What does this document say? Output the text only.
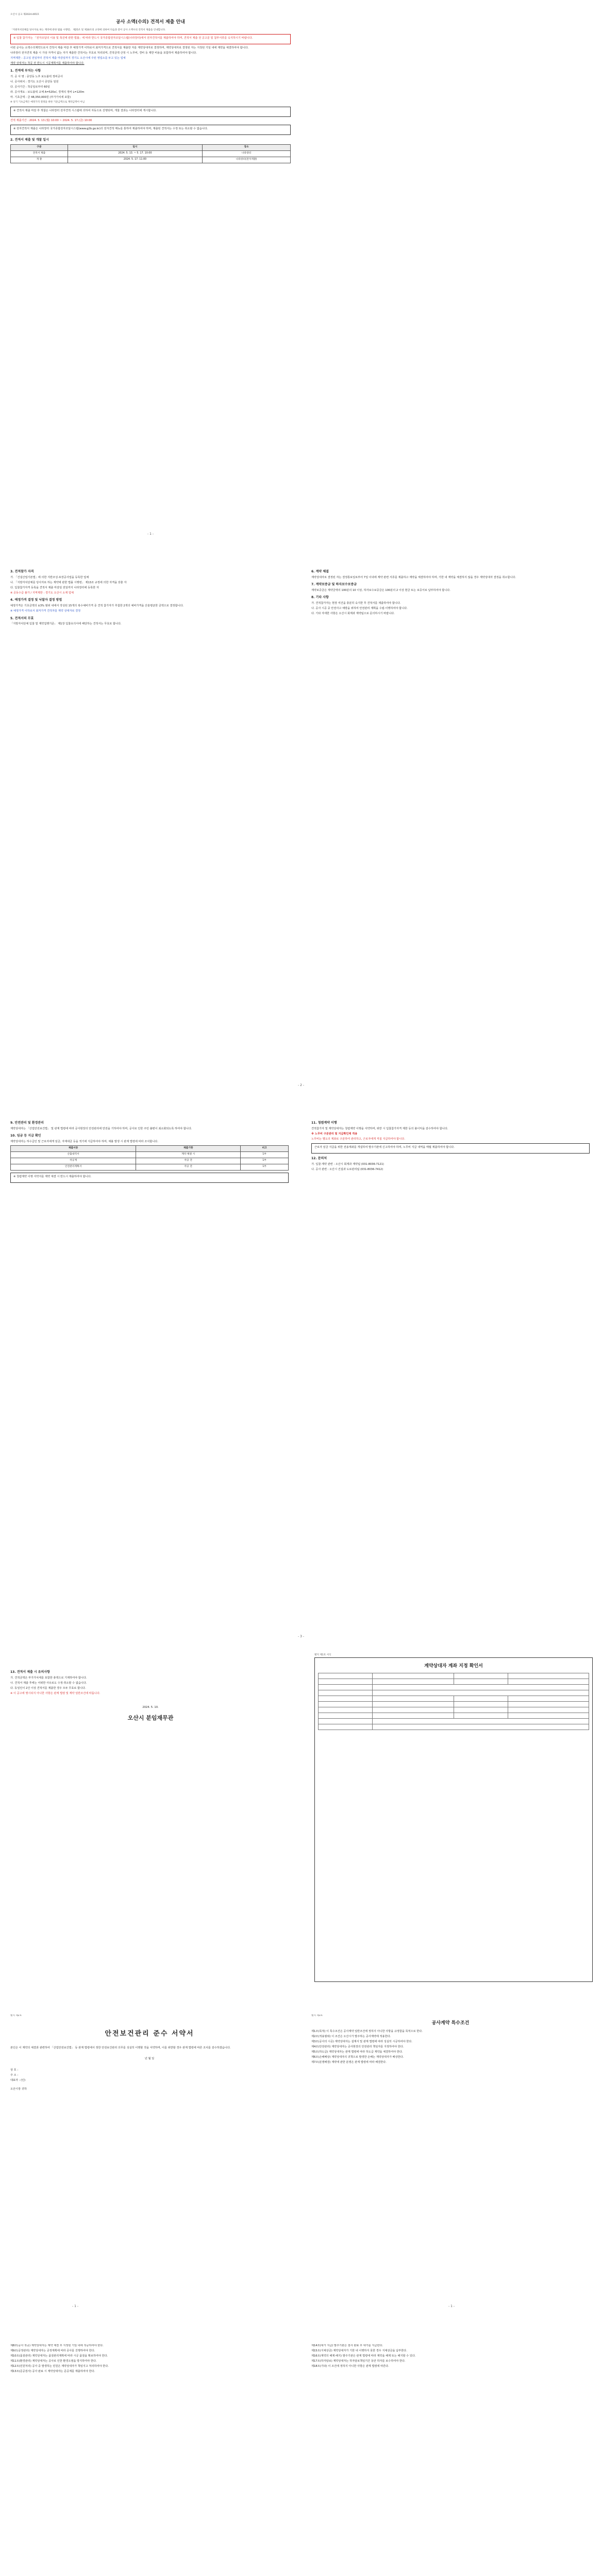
오산시 공고 제2024-465호
공사 소액(수의) 견적서 제출 안내

「지방자치단체를 당사자로 하는 계약에 관한 법률 시행령」 제25조 및 제30조의 규정에 의하여 다음과 같이 공사 소액수의 견적서 제출을 안내합니다.

※ 입찰 참가자는 「전자조달의 이용 및 촉진에 관한 법률」에 따라 반드시 국가종합전자조달시스템(나라장터)에서 전자견적서를 제출하여야 하며, 견적서 제출 전 공고문 및 첨부서류를 숙지하시기 바랍니다.

이번 공사는 소액수의계약으로서 견적서 제출 마감 후 예정가격 이하로서 최저가격으로 견적서를 제출한 자를 계약상대자로 결정하며, 계약상대자로 결정된 자는 지정된 기일 내에 계약을 체결하여야 합니다.

나라장터 전자견적 제출 시 가상 자격이 없는 자가 제출한 견적서는 무효로 처리되며, 견적금액 산정 시 노무비, 경비 등 제반 비용을 포함하여 제출하여야 합니다.

지역제한 : 공고일 전일부터 견적서 제출 마감일까지 경기도 오산시에 주된 영업소를 두고 있는 업체

계약 상대자는 착공 전 반드시 시공계획서를 제출하여야 합니다.

1. 견적에 부치는 사항

가. 공 사 명 : 중앙동 노후 보도블럭 정비공사

나. 공사위치 : 경기도 오산시 중앙동 일원

다. 공사기간 : 착공일로부터 60일

라. 공사개요 : 보도블럭 교체 A=520㎡, 경계석 정비 L=120m

마. 기초금액 : 금 48,350,000원 (부가가치세 포함)

※ 상기 기초금액은 예정가격 결정을 위한 기준금액으로 계약금액이 아님

※ 견적서 제출 마감 후 개찰은 나라장터 전자견적 시스템에 의하여 자동으로 진행되며, 개찰 결과는 나라장터에 게시합니다.

견적 제출기간 : 2024. 5. 13.(월) 10:00 ~ 2024. 5. 17.(금) 10:00

※ 전자견적서 제출은 나라장터 국가종합전자조달시스템(www.g2b.go.kr)의 전자견적 메뉴를 통하여 제출하여야 하며, 제출된 견적서는 수정 또는 취소할 수 없습니다.

2. 견적서 제출 및 개찰 일시
구분	일시	장소
견적서 제출	2024. 5. 13. ~ 5. 17. 10:00	나라장터
개 찰	2024. 5. 17. 11:00	나라장터(전자개찰)
- 1 -
3. 견적참가 자격

가. 「건설산업기본법」에 의한 지반조성·포장공사업을 등록한 업체

나. 「지방자치단체를 당사자로 하는 계약에 관한 법률 시행령」 제13조 규정에 의한 자격을 갖춘 자

다. 입찰참가자격 등록을 견적서 제출 마감일 전일까지 나라장터에 등록한 자

※ 공동수급 불가 / 지역제한 : 경기도 오산시 소재 업체

4. 예정가격 결정 및 낙찰자 결정 방법

예정가격은 기초금액의 ±3% 범위 내에서 작성된 15개의 복수예비가격 중 견적 참가자가 추첨한 2개의 예비가격을 산술평균한 금액으로 결정합니다.

※ 예정가격 이하로서 최저가격 견적자를 계약 상대자로 결정

5. 견적서의 무효

「지방자치단체 입찰 및 계약집행기준」 제1장 입찰유의서에 해당하는 견적서는 무효로 합니다.

6. 계약 체결

계약상대자로 결정된 자는 결정통보일로부터 7일 이내에 계약 관련 서류를 제출하고 계약을 체결하여야 하며, 기한 내 계약을 체결하지 않을 경우 계약상대자 결정을 취소합니다.

7. 계약보증금 및 하자보수보증금

계약보증금은 계약금액의 100분의 10 이상, 하자보수보증금은 100분의 2 이상 현금 또는 보증서로 납부하여야 합니다.

8. 기타 사항

가. 견적참가자는 현장 여건을 충분히 숙지한 후 견적서를 제출하여야 합니다.

나. 공사 시공 중 안전사고 예방을 위하여 안전관리 계획을 수립·이행하여야 합니다.

다. 기타 자세한 사항은 오산시 회계과 계약팀으로 문의하시기 바랍니다.

- 2 -
9. 안전관리 및 환경관리

계약상대자는 「산업안전보건법」 및 관계 법령에 따라 공사현장의 안전관리에 만전을 기하여야 하며, 공사로 인한 주민 불편이 최소화되도록 하여야 합니다.

10. 임금 등 지급 확인

계약상대자는 하수급인 및 근로자에게 임금, 자재대금 등을 적기에 지급하여야 하며, 체불 발생 시 관계 법령에 따라 조치합니다.

제출서류	제출기한	비고
산출내역서	계약 체결 시	1부
착공계	착공 전	1부
안전관리계획서	착공 전	1부

※ 청렴계약 이행 서약서를 계약 체결 시 반드시 제출하여야 합니다.

11. 청렴계약 이행

견적참가자 및 계약상대자는 청렴계약 이행을 서약하며, 위반 시 입찰참가자격 제한 등의 불이익을 감수하여야 합니다.

※ 노무비 구분관리 및 지급확인제 적용

노무비는 별도의 계좌로 구분하여 관리하고, 근로자에게 직접 지급하여야 합니다.

근로자 임금 지급을 위한 전용계좌를 개설하여 발주기관에 신고하여야 하며, 노무비 지급 내역을 매월 제출하여야 합니다.

12. 문의처

가. 입찰·계약 관련 : 오산시 회계과 계약팀 (031-8036-7121)

나. 공사 관련 : 오산시 건설과 도로관리팀 (031-8036-7412)

- 3 -
13. 견적서 제출 시 유의사항

가. 견적금액은 부가가치세를 포함한 총액으로 기재하여야 합니다.

나. 견적서 제출 후에는 어떠한 사유로도 수정·취소할 수 없습니다.

다. 동일인이 2건 이상 견적서를 제출한 경우 모두 무효로 합니다.

※ 이 공고에 명시되지 아니한 사항은 관계 법령 및 계약 일반조건에 따릅니다.

2024. 5. 10.

오산시 분임재무관
별지 제1호 서식
계약상대자 계좌 지정 확인서

별지 제2호
안전보건관리 준수 서약서

본인은 이 계약의 체결과 관련하여 「산업안전보건법」 등 관계 법령에서 정한 안전보건관리 의무를 성실히 이행할 것을 서약하며, 이를 위반할 경우 관계 법령에 따른 조치를 감수하겠습니다.

년 월 일

상 호 :

주 소 :

대표자 : (인)

오산시장 귀하

별지 제3호
공사계약 특수조건

제1조(목적) 이 특수조건은 공사계약 일반조건에 정하지 아니한 사항을 규정함을 목적으로 한다.

제2조(적용범위) 이 조건은 오산시가 발주하는 공사계약에 적용한다.

제3조(공사의 시공) 계약상대자는 설계서 및 관계 법령에 따라 성실히 시공하여야 한다.

제4조(안전관리) 계약상대자는 공사현장의 안전관리 책임자를 지정하여야 한다.

제5조(하도급) 계약상대자는 관계 법령에 따라 하도급 계약을 체결하여야 한다.

제6조(손해배상) 계약상대자의 귀책으로 발생한 손해는 계약상대자가 배상한다.

제7조(분쟁해결) 계약에 관한 분쟁은 관계 법령에 따라 해결한다.

- 1 -	- 1 -

제8조(공사 착공) 계약상대자는 계약 체결 후 지정된 기일 내에 착공하여야 한다.

제9조(공정관리) 계약상대자는 공정계획에 따라 공사를 진행하여야 한다.

제10조(품질관리) 계약상대자는 품질관리계획에 따라 시공 품질을 확보하여야 한다.

제11조(환경관리) 계약상대자는 공사로 인한 환경오염을 방지하여야 한다.

제12조(민원처리) 공사 중 발생하는 민원은 계약상대자가 책임지고 처리하여야 한다.

제13조(준공검사) 공사 완료 시 계약상대자는 준공계를 제출하여야 한다.

제14조(대가 지급) 발주기관은 검사 완료 후 대가를 지급한다.

제15조(지체상금) 계약상대자가 기한 내 이행하지 못한 경우 지체상금을 납부한다.

제16조(계약의 해제·해지) 발주기관은 관계 법령에 따라 계약을 해제 또는 해지할 수 있다.

제17조(하자담보) 계약상대자는 하자담보책임기간 동안 하자를 보수하여야 한다.

제18조(기타) 이 조건에 정하지 아니한 사항은 관계 법령에 따른다.
